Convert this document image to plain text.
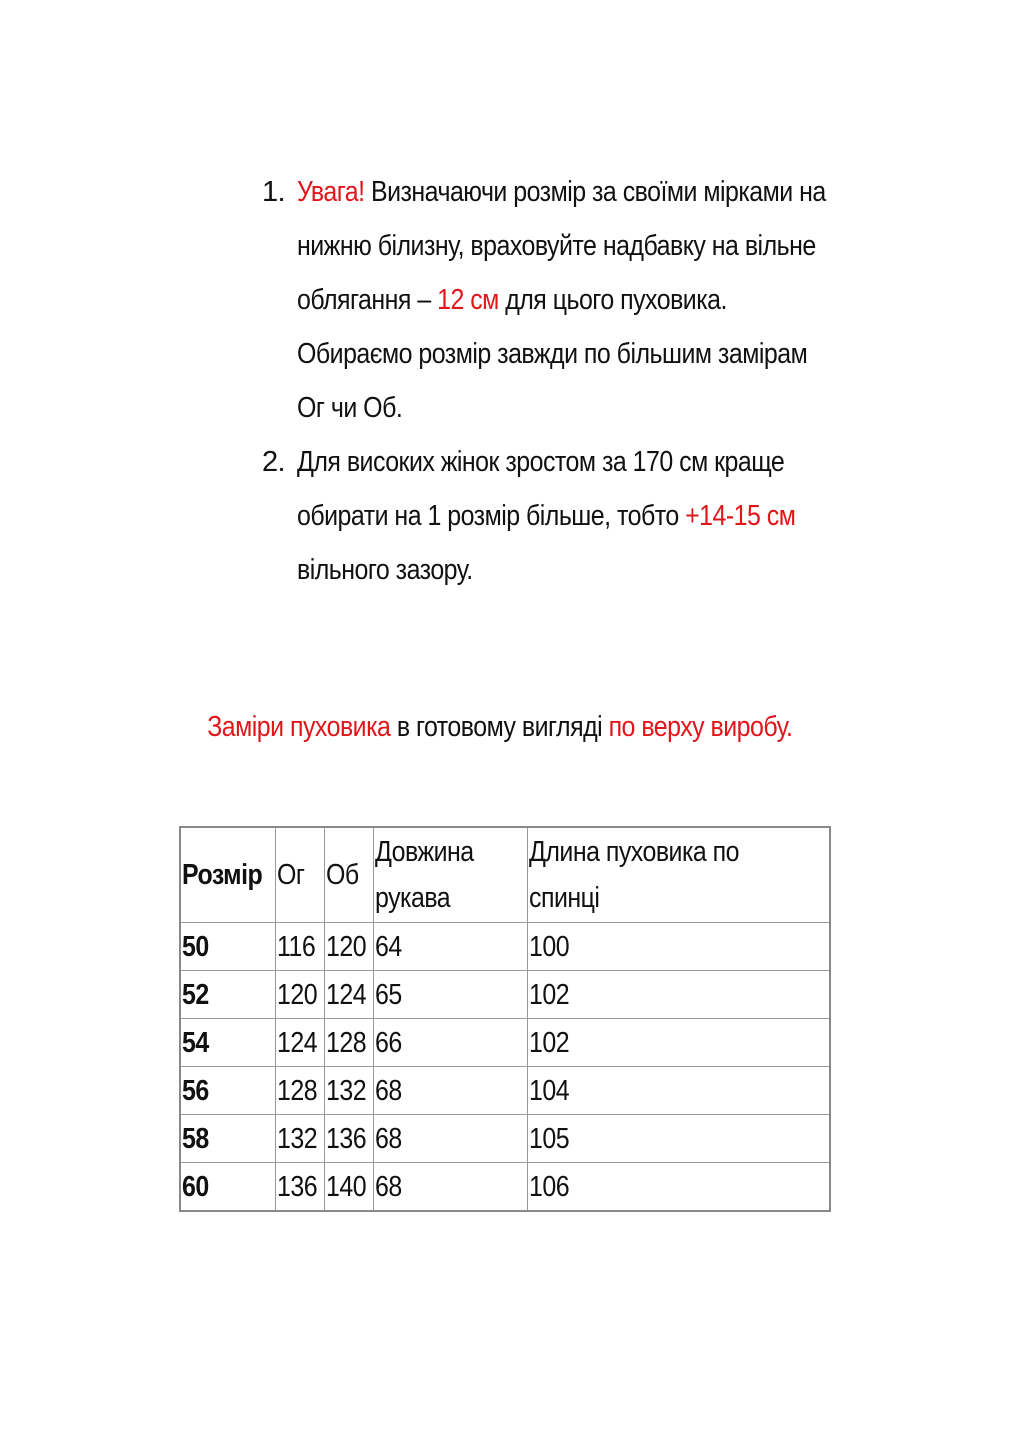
1. Увага! Визначаючи розмір за своїми мірками на нижню білизну, враховуйте надбавку на вільне облягання – 12 см для цього пуховика. Обираємо розмір завжди по більшим замірам Ог чи Об.
2. Для високих жінок зростом за 170 см краще обирати на 1 розмір більше, тобто +14-15 см вільного зазору.

Заміри пуховика в готовому вигляді по верху виробу.

Розмір	Ог	Об	Довжина рукава	Длина пуховика по спинці
50	116	120	64	100
52	120	124	65	102
54	124	128	66	102
56	128	132	68	104
58	132	136	68	105
60	136	140	68	106
